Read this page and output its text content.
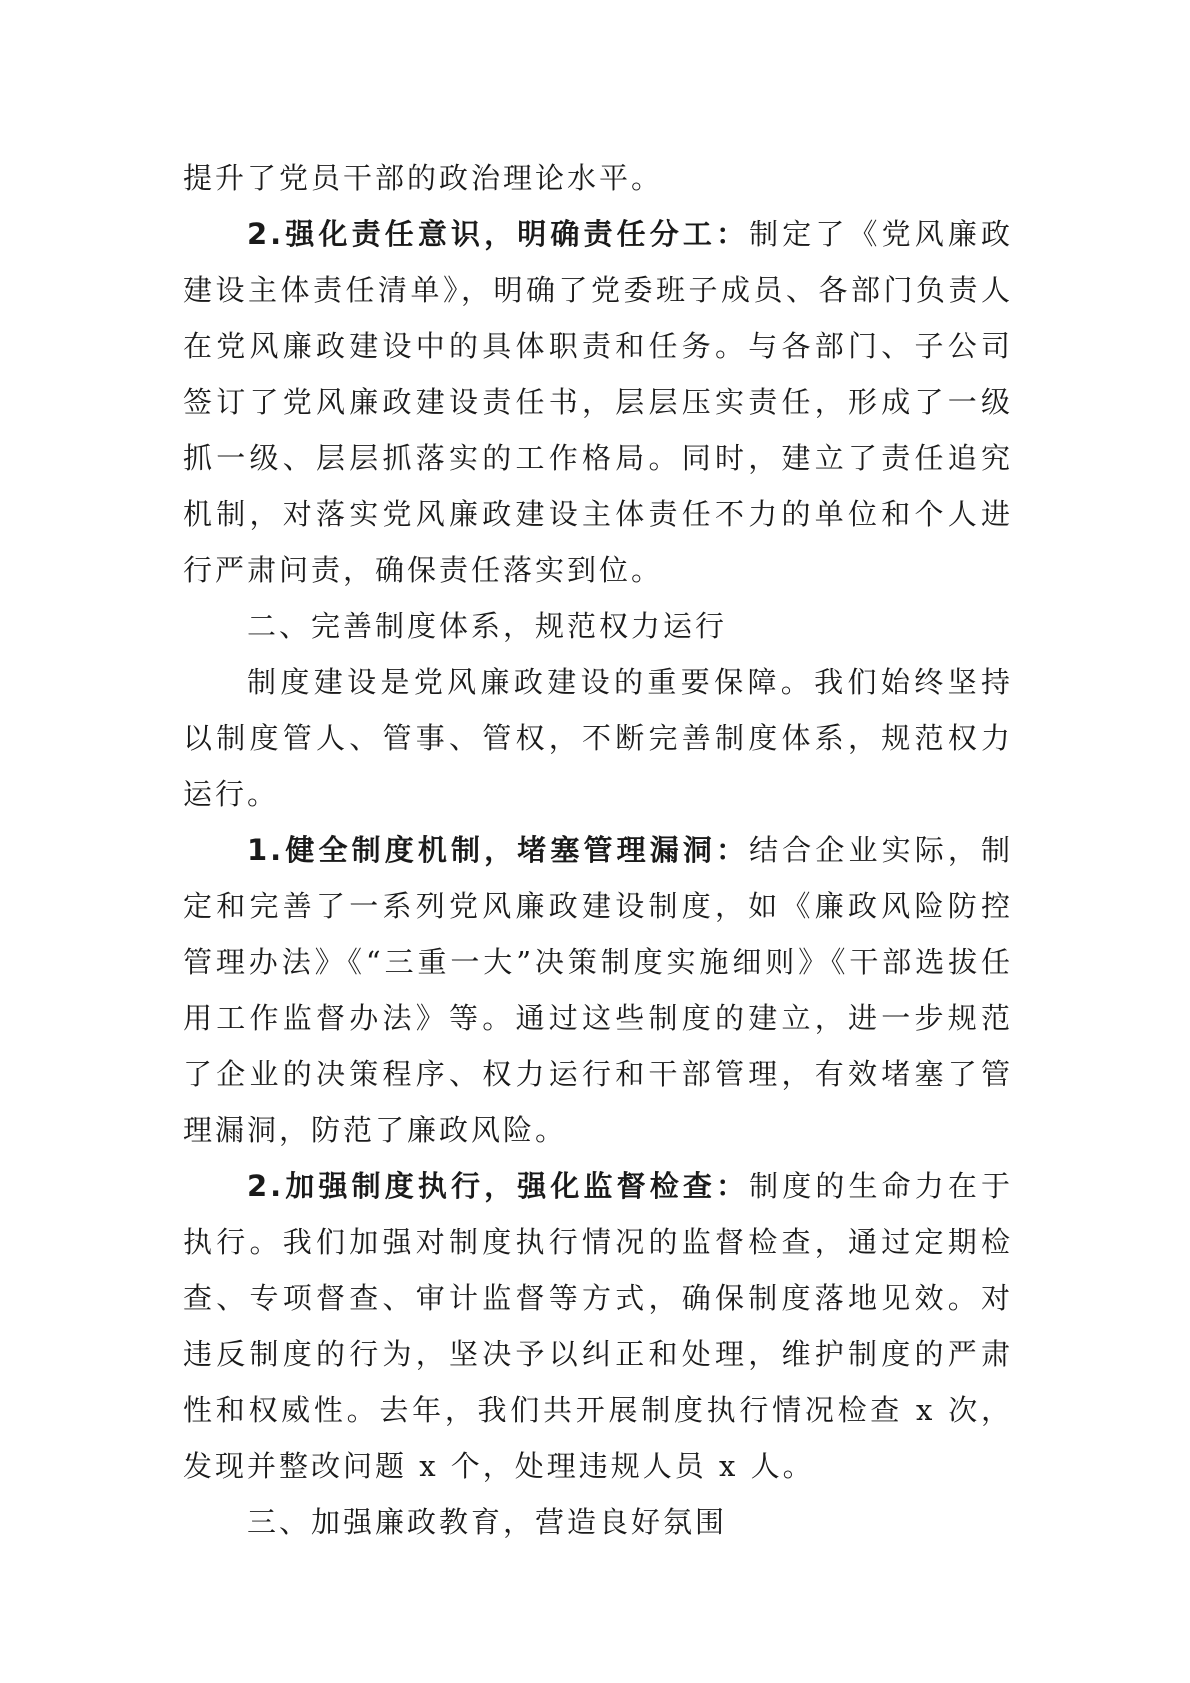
提升了党员干部的政治理论水平。

2.强化责任意识，明确责任分工：制定了《党风廉政建设主体责任清单》，明确了党委班子成员、各部门负责人在党风廉政建设中的具体职责和任务。与各部门、子公司签订了党风廉政建设责任书，层层压实责任，形成了一级抓一级、层层抓落实的工作格局。同时，建立了责任追究机制，对落实党风廉政建设主体责任不力的单位和个人进行严肃问责，确保责任落实到位。

二、完善制度体系，规范权力运行

制度建设是党风廉政建设的重要保障。我们始终坚持以制度管人、管事、管权，不断完善制度体系，规范权力运行。

1.健全制度机制，堵塞管理漏洞：结合企业实际，制定和完善了一系列党风廉政建设制度，如《廉政风险防控管理办法》《“三重一大”决策制度实施细则》《干部选拔任用工作监督办法》等。通过这些制度的建立，进一步规范了企业的决策程序、权力运行和干部管理，有效堵塞了管理漏洞，防范了廉政风险。

2.加强制度执行，强化监督检查：制度的生命力在于执行。我们加强对制度执行情况的监督检查，通过定期检查、专项督查、审计监督等方式，确保制度落地见效。对违反制度的行为，坚决予以纠正和处理，维护制度的严肃性和权威性。去年，我们共开展制度执行情况检查 x 次，发现并整改问题 x 个，处理违规人员 x 人。

三、加强廉政教育，营造良好氛围
